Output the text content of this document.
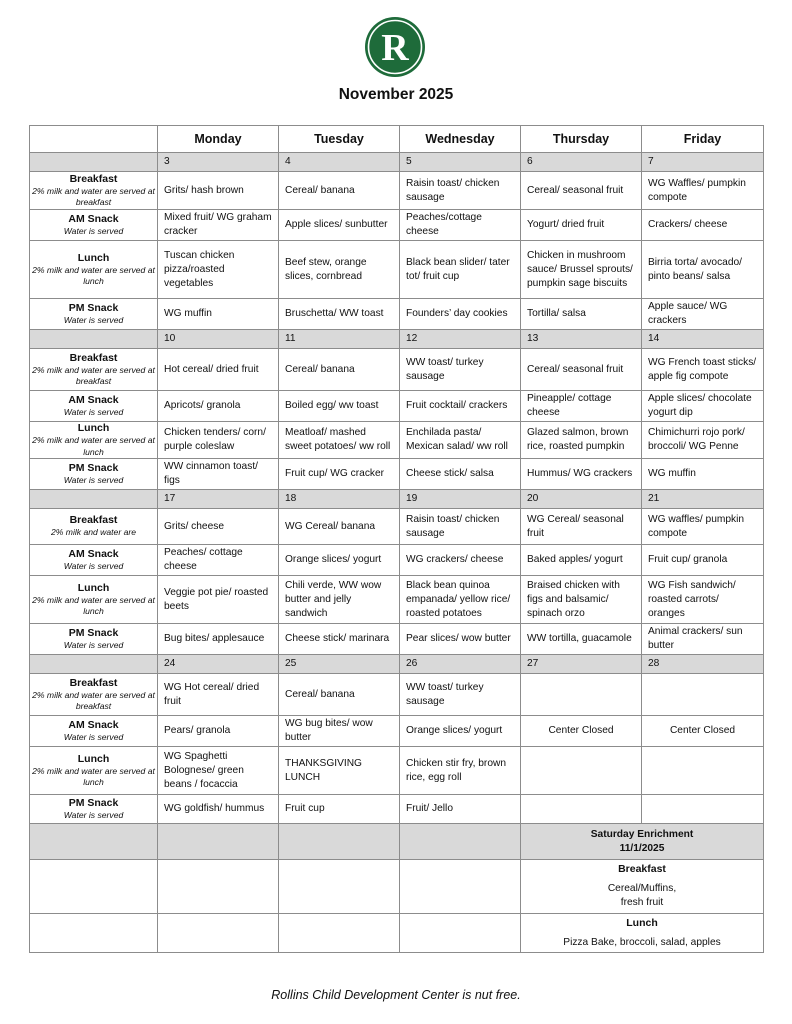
R
November 2025
	Monday	Tuesday	Wednesday	Thursday	Friday
	3	4	5	6	7

Breakfast
2% milk and water are served at breakfast	Grits/ hash brown	Cereal/ banana	Raisin toast/ chicken sausage	Cereal/ seasonal fruit	WG Waffles/ pumpkin compote

AM Snack
Water is served	Mixed fruit/ WG graham cracker	Apple slices/ sunbutter	Peaches/cottage cheese	Yogurt/ dried fruit	Crackers/ cheese

Lunch
2% milk and water are served at lunch	Tuscan chicken pizza/roasted vegetables	Beef stew, orange slices, cornbread	Black bean slider/ tater tot/ fruit cup	Chicken in mushroom sauce/ Brussel sprouts/ pumpkin sage biscuits	Birria torta/ avocado/ pinto beans/ salsa

PM Snack
Water is served	WG muffin	Bruschetta/ WW toast	Founders’ day cookies	Tortilla/ salsa	Apple sauce/ WG crackers
	10	11	12	13	14

Breakfast
2% milk and water are served at breakfast	Hot cereal/ dried fruit	Cereal/ banana	WW toast/ turkey sausage	Cereal/ seasonal fruit	WG French toast sticks/ apple fig compote

AM Snack
Water is served	Apricots/ granola	Boiled egg/ ww toast	Fruit cocktail/ crackers	Pineapple/ cottage cheese	Apple slices/ chocolate yogurt dip

Lunch
2% milk and water are served at lunch	Chicken tenders/ corn/ purple coleslaw	Meatloaf/ mashed sweet potatoes/ ww roll	Enchilada pasta/ Mexican salad/ ww roll	Glazed salmon, brown rice, roasted pumpkin	Chimichurri rojo pork/ broccoli/ WG Penne

PM Snack
Water is served	WW cinnamon toast/ figs	Fruit cup/ WG cracker	Cheese stick/ salsa	Hummus/ WG crackers	WG muffin
	17	18	19	20	21

Breakfast
2% milk and water are	Grits/ cheese	WG Cereal/ banana	Raisin toast/ chicken sausage	WG Cereal/ seasonal fruit	WG waffles/ pumpkin compote

AM Snack
Water is served	Peaches/ cottage cheese	Orange slices/ yogurt	WG crackers/ cheese	Baked apples/ yogurt	Fruit cup/ granola

Lunch
2% milk and water are served at lunch	Veggie pot pie/ roasted beets	Chili verde, WW wow butter and jelly sandwich	Black bean quinoa empanada/ yellow rice/ roasted potatoes	Braised chicken with figs and balsamic/ spinach orzo	WG Fish sandwich/ roasted carrots/ oranges

PM Snack
Water is served	Bug bites/ applesauce	Cheese stick/ marinara	Pear slices/ wow butter	WW tortilla, guacamole	Animal crackers/ sun butter
	24	25	26	27	28

Breakfast
2% milk and water are served at breakfast	WG Hot cereal/ dried fruit	Cereal/ banana	WW toast/ turkey sausage		

AM Snack
Water is served	Pears/ granola	WG bug bites/ wow butter	Orange slices/ yogurt	Center Closed	Center Closed

Lunch
2% milk and water are served at lunch	WG Spaghetti Bolognese/ green beans / focaccia	THANKSGIVING LUNCH	Chicken stir fry, brown rice, egg roll		

PM Snack
Water is served	WG goldfish/ hummus	Fruit cup	Fruit/ Jello		

				Saturday Enrichment
11/1/2025	

				Breakfast
Cereal/Muffins,
fresh fruit	

				Lunch
Pizza Bake, broccoli, salad, apples	
Rollins Child Development Center is nut free.
